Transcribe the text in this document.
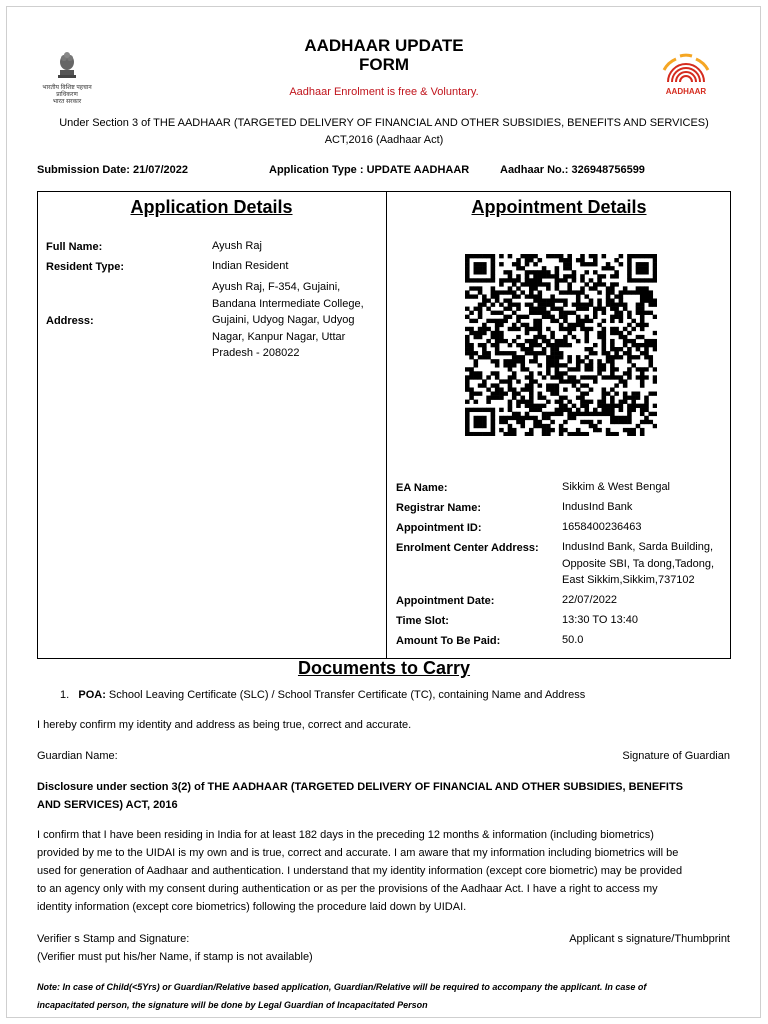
भारतीय विशिष्ट पहचान प्राधिकरण
भारत सरकार
AADHAAR
AADHAAR UPDATE
FORM
Aadhaar Enrolment is free & Voluntary.
Under Section 3 of THE AADHAAR (TARGETED DELIVERY OF FINANCIAL AND OTHER SUBSIDIES, BENEFITS AND SERVICES)
ACT,2016 (Aadhaar Act)
Submission Date: 21/07/2022	Application Type : UPDATE AADHAAR	Aadhaar No.: 326948756599
Application Details	Appointment Details
Full Name:	Ayush Raj
Resident Type:	Indian Resident
Address:
Ayush Raj, F-354, Gujaini,
Bandana Intermediate College,
Gujaini, Udyog Nagar, Udyog
Nagar, Kanpur Nagar, Uttar
Pradesh - 208022
EA Name:	Sikkim & West Bengal
Registrar Name:	IndusInd Bank
Appointment ID:	1658400236463
Enrolment Center Address: IndusInd Bank, Sarda Building,
Opposite SBI, Ta dong,Tadong,
East Sikkim,Sikkim,737102
Appointment Date:	22/07/2022
Time Slot:	13:30 TO 13:40
Amount To Be Paid:	50.0
Documents to Carry
1. POA: School Leaving Certificate (SLC) / School Transfer Certificate (TC), containing Name and Address
I hereby confirm my identity and address as being true, correct and accurate.
Guardian Name:	Signature of Guardian
Disclosure under section 3(2) of THE AADHAAR (TARGETED DELIVERY OF FINANCIAL AND OTHER SUBSIDIES, BENEFITS
AND SERVICES) ACT, 2016
I confirm that I have been residing in India for at least 182 days in the preceding 12 months & information (including biometrics)
provided by me to the UIDAI is my own and is true, correct and accurate. I am aware that my information including biometrics will be
used for generation of Aadhaar and authentication. I understand that my identity information (except core biometric) may be provided
to an agency only with my consent during authentication or as per the provisions of the Aadhaar Act. I have a right to access my
identity information (except core biometrics) following the procedure laid down by UIDAI.
Verifier s Stamp and Signature:
(Verifier must put his/her Name, if stamp is not available)
Applicant s signature/Thumbprint
Note: In case of Child(<5Yrs) or Guardian/Relative based application, Guardian/Relative will be required to accompany the applicant. In case of
incapacitated person, the signature will be done by Legal Guardian of Incapacitated Person
